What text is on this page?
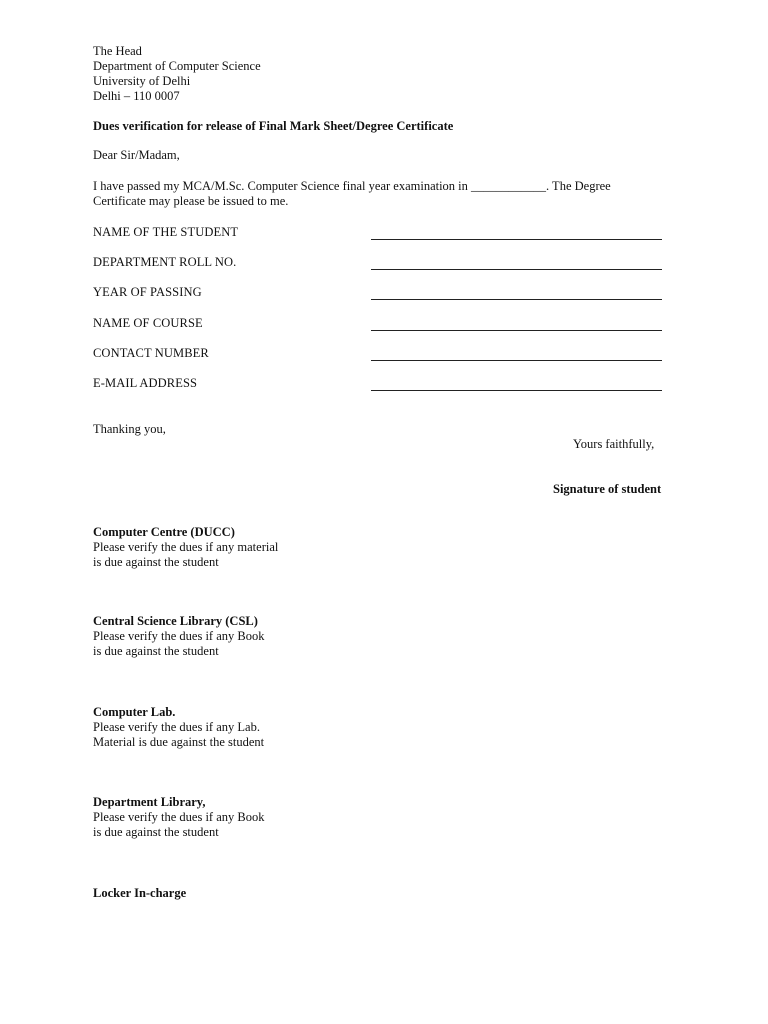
The Head
Department of Computer Science
University of Delhi
Delhi – 110 0007
Dues verification for release of Final Mark Sheet/Degree Certificate
Dear Sir/Madam,
I have passed my MCA/M.Sc. Computer Science final year examination in ____________. The Degree
Certificate may please be issued to me.
NAME OF THE STUDENT
DEPARTMENT ROLL NO.
YEAR OF PASSING
NAME OF COURSE
CONTACT NUMBER
E-MAIL ADDRESS
Thanking you,
Yours faithfully,
Signature of student
Computer Centre (DUCC)
Please verify the dues if any material
is due against the student
Central Science Library (CSL)
Please verify the dues if any Book
is due against the student
Computer Lab.
Please verify the dues if any Lab.
Material is due against the student
Department Library,
Please verify the dues if any Book
is due against the student
Locker In-charge
